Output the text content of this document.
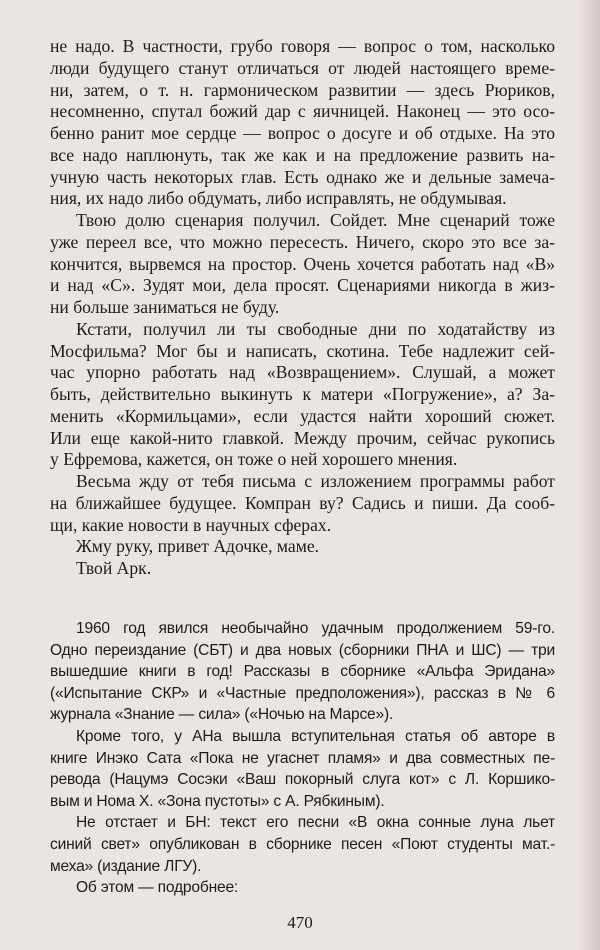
не надо. В частности, грубо говоря — вопрос о том, насколько
люди будущего станут отличаться от людей настоящего време-
ни, затем, о т. н. гармоническом развитии — здесь Рюриков,
несомненно, спутал божий дар с яичницей. Наконец — это осо-
бенно ранит мое сердце — вопрос о досуге и об отдыхе. На это
все надо наплюнуть, так же как и на предложение развить на-
учную часть некоторых глав. Есть однако же и дельные замеча-
ния, их надо либо обдумать, либо исправлять, не обдумывая.
Твою долю сценария получил. Сойдет. Мне сценарий тоже
уже переел все, что можно пересесть. Ничего, скоро это все за-
кончится, вырвемся на простор. Очень хочется работать над «В»
и над «С». Зудят мои, дела просят. Сценариями никогда в жиз-
ни больше заниматься не буду.
Кстати, получил ли ты свободные дни по ходатайству из
Мосфильма? Мог бы и написать, скотина. Тебе надлежит сей-
час упорно работать над «Возвращением». Слушай, а может
быть, действительно выкинуть к матери «Погружение», а? За-
менить «Кормильцами», если удастся найти хороший сюжет.
Или еще какой-нито главкой. Между прочим, сейчас рукопись
у Ефремова, кажется, он тоже о ней хорошего мнения.
Весьма жду от тебя письма с изложением программы работ
на ближайшее будущее. Компран ву? Садись и пиши. Да сооб-
щи, какие новости в научных сферах.
Жму руку, привет Адочке, маме.
Твой Арк.
1960 год явился необычайно удачным продолжением 59-го.
Одно переиздание (СБТ) и два новых (сборники ПНА и ШС) — три
вышедшие книги в год! Рассказы в сборнике «Альфа Эридана»
(«Испытание СКР» и «Частные предположения»), рассказ в № 6
журнала «Знание — сила» («Ночью на Марсе»).
Кроме того, у АНа вышла вступительная статья об авторе в
книге Инэко Сата «Пока не угаснет пламя» и два совместных пе-
ревода (Нацумэ Сосэки «Ваш покорный слуга кот» с Л. Коршико-
вым и Нома Х. «Зона пустоты» с А. Рябкиным).
Не отстает и БН: текст его песни «В окна сонные луна льет
синий свет» опубликован в сборнике песен «Поют студенты мат.-
меха» (издание ЛГУ).
Об этом — подробнее:
470
